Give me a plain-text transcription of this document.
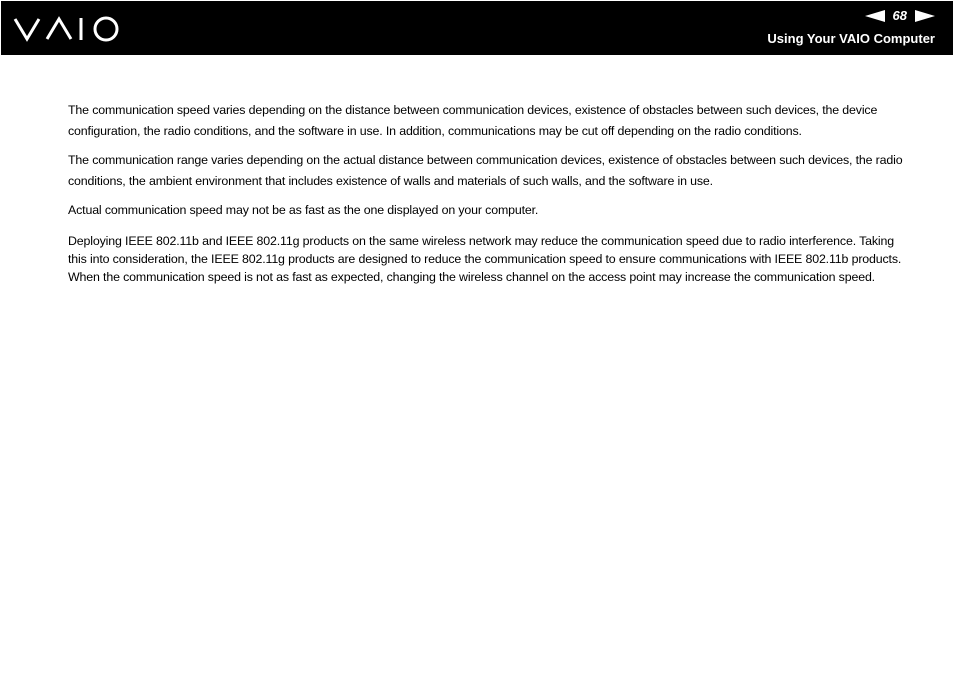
68
Using Your VAIO Computer

The communication speed varies depending on the distance between communication devices, existence of obstacles between such devices, the device configuration, the radio conditions, and the software in use. In addition, communications may be cut off depending on the radio conditions.

The communication range varies depending on the actual distance between communication devices, existence of obstacles between such devices, the radio conditions, the ambient environment that includes existence of walls and materials of such walls, and the software in use.

Actual communication speed may not be as fast as the one displayed on your computer.

Deploying IEEE 802.11b and IEEE 802.11g products on the same wireless network may reduce the communication speed due to radio interference. Taking this into consideration, the IEEE 802.11g products are designed to reduce the communication speed to ensure communications with IEEE 802.11b products. When the communication speed is not as fast as expected, changing the wireless channel on the access point may increase the communication speed.
